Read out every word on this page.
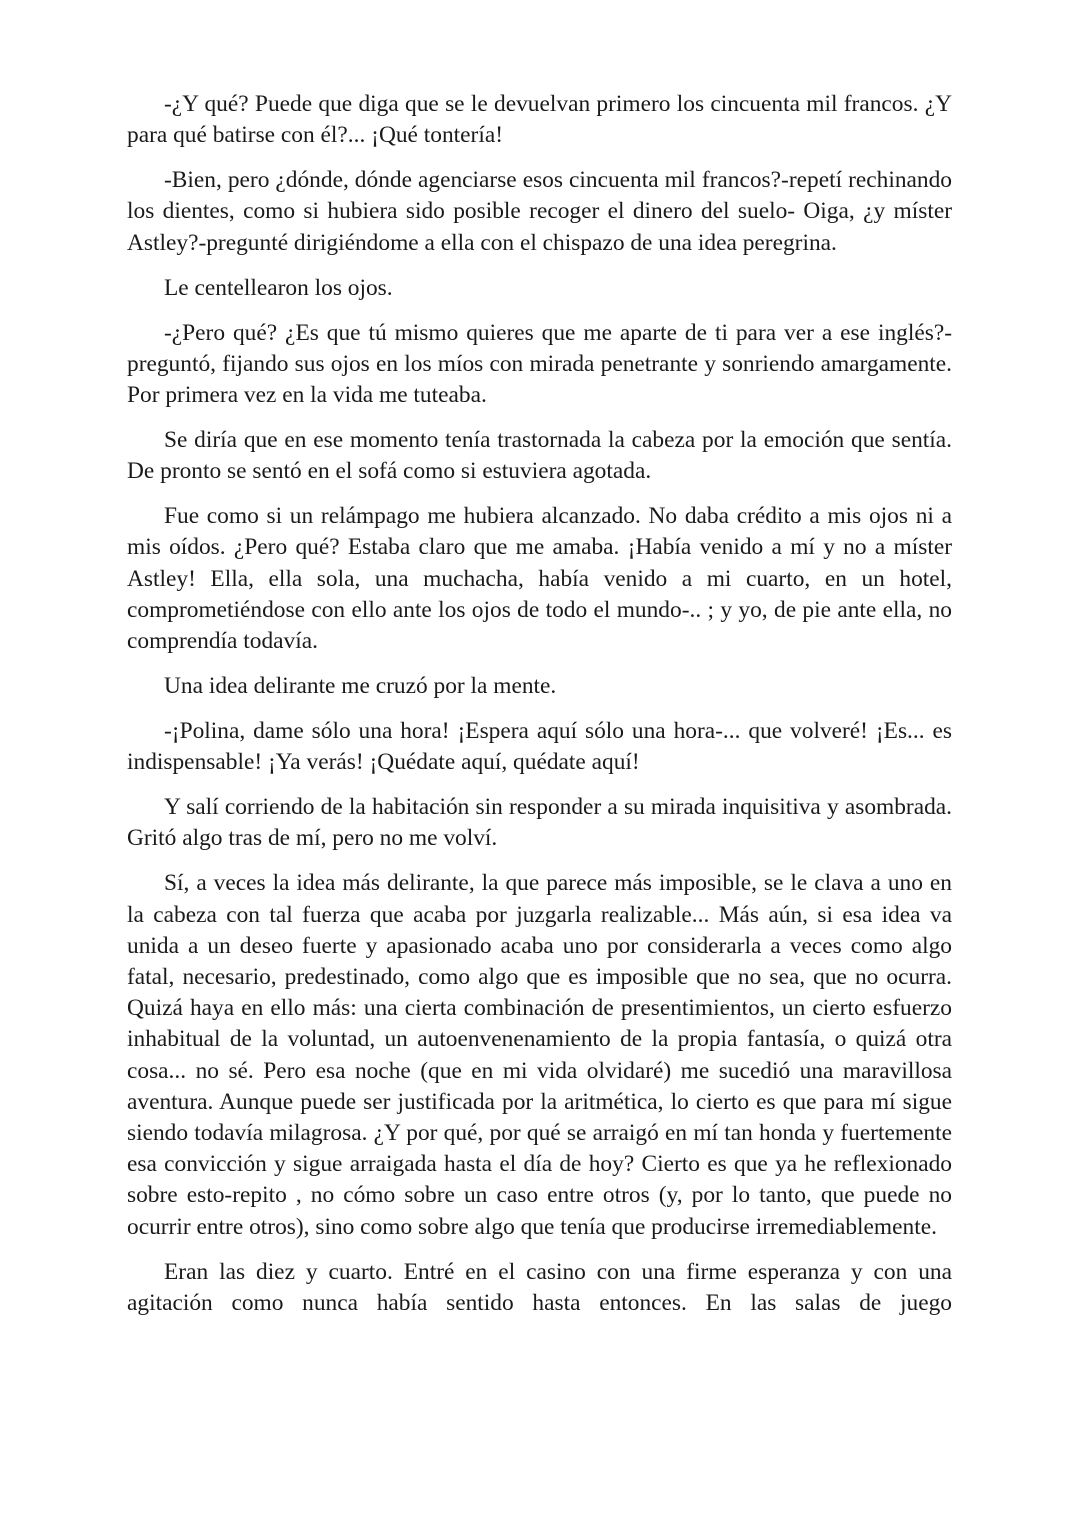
-¿Y qué? Puede que diga que se le devuelvan primero los cincuenta mil francos. ¿Y para qué batirse con él?... ¡Qué tontería!

-Bien, pero ¿dónde, dónde agenciarse esos cincuenta mil francos?-repetí rechinando los dientes, como si hubiera sido posible recoger el dinero del suelo- Oiga, ¿y míster Astley?-pregunté dirigiéndome a ella con el chispazo de una idea peregrina.

Le centellearon los ojos.

-¿Pero qué? ¿Es que tú mismo quieres que me aparte de ti para ver a ese inglés?-preguntó, fijando sus ojos en los míos con mirada penetrante y sonriendo amargamente. Por primera vez en la vida me tuteaba.

Se diría que en ese momento tenía trastornada la cabeza por la emoción que sentía. De pronto se sentó en el sofá como si estuviera agotada.

Fue como si un relámpago me hubiera alcanzado. No daba crédito a mis ojos ni a mis oídos. ¿Pero qué? Estaba claro que me amaba. ¡Había venido a mí y no a míster Astley! Ella, ella sola, una muchacha, había venido a mi cuarto, en un hotel, comprometiéndose con ello ante los ojos de todo el mundo-.. ; y yo, de pie ante ella, no comprendía todavía.

Una idea delirante me cruzó por la mente.

-¡Polina, dame sólo una hora! ¡Espera aquí sólo una hora-... que volveré! ¡Es... es indispensable! ¡Ya verás! ¡Quédate aquí, quédate aquí!

Y salí corriendo de la habitación sin responder a su mirada inquisitiva y asombrada. Gritó algo tras de mí, pero no me volví.

Sí, a veces la idea más delirante, la que parece más imposible, se le clava a uno en la cabeza con tal fuerza que acaba por juzgarla realizable... Más aún, si esa idea va unida a un deseo fuerte y apasionado acaba uno por considerarla a veces como algo fatal, necesario, predestinado, como algo que es imposible que no sea, que no ocurra. Quizá haya en ello más: una cierta combinación de presentimientos, un cierto esfuerzo inhabitual de la voluntad, un autoenvenenamiento de la propia fantasía, o quizá otra cosa... no sé. Pero esa noche (que en mi vida olvidaré) me sucedió una maravillosa aventura. Aunque puede ser justificada por la aritmética, lo cierto es que para mí sigue siendo todavía milagrosa. ¿Y por qué, por qué se arraigó en mí tan honda y fuertemente esa convicción y sigue arraigada hasta el día de hoy? Cierto es que ya he reflexionado sobre esto-repito , no cómo sobre un caso entre otros (y, por lo tanto, que puede no ocurrir entre otros), sino como sobre algo que tenía que producirse irremediablemente.

Eran las diez y cuarto. Entré en el casino con una firme esperanza y con una agitación como nunca había sentido hasta entonces. En las salas de juego
